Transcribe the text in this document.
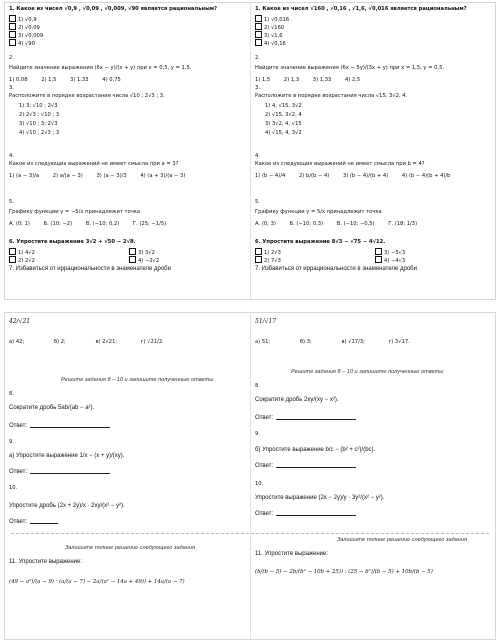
1. Какое из чисел √0,9 , √0,09 , √0,009, √90 является рациональным?
1) √0,9
2) √0,09
3) √0,009
4) √90
2.
Найдите значение выражения (6x − y)/(x + y) при x = 0,5, y = 1,5.
1) 0,08	2) 1,5	3) 1,33	4) 0,75
3.
Расположите в порядке возрастания числа √10 ; 2√3 ; 3.
1) 3; √10 ; 2√3
2) 2√3 ; √10 ; 3
3) √10 ; 3; 2√3
4) √10 ; 2√3 ; 3
4.
Какое из следующих выражений не имеет смысла при a = 3?
1) (a − 3)/a	2) a/(a − 3)	3) (a − 3)/3	4) (a + 3)/(a − 3)
5.
Графику функции y = −5/x принадлежит точка
А. (0; 1)	Б. (10; −2)	В. (−10; 0,2)	Г. (25; −1/5)
6. Упростите выражение 3√2 + √50 − 2√8.
1) 4√2
2) 2√2
3) 3√2
4) −2√2
7. Избавиться от иррациональности в знаменателе дроби
1. Какое из чисел √160 , √0,16 , √1,6, √0,016 является рациональным?
1) √0,016
2) √160
3) √1,6
4) √0,16
2.
Найдите значение выражения (6x − 5y)/(3x + y) при x = 1,5, y = 0,5.
1) 1,5	2) 1,3	3) 1,33	4) 2,5
3.
Расположите в порядке возрастания числа √15, 3√2, 4.
1) 4, √15, 3√2
2) √15, 3√2, 4
3) 3√2, 4, √15
4) √15, 4, 3√2
4.
Какое из следующих выражений не имеет смысла при b = 4?
1) (b − 4)/4	2) b/(b − 4)	3) (b − 4)/(b + 4)	4) (b − 4)(b + 4)/b
5.
Графику функции y = 5/x принадлежит точка
А. (0; 3)	Б. (−10; 0,3)	В. (−10; −0,5)	Г. (18; 1/3)
6. Упростите выражение 8√3 − √75 − 4√12.
1) 2√3
2) 7√3
3) −5√3
4) −4√3
7. Избавиться от иррациональности в знаменателе дроби
42/√21
а) 42;	б) 2;	в) 2√21;	г) √21/2.
Решите задания 8 – 10 и запишите полученные ответы
8.
Сократите дробь 5ab/(ab − a²).
Ответ:
9.
а) Упростите выражение 1/x − (x + y)/(xy).
Ответ:
10.
Упростите дробь (2x + 2y)/x · 2xy/(x² − y²).
Ответ:
Запишите полное решение следующего задания
11. Упростите выражение:
(49 − a²)/(a − 9) · (a/(a − 7) − 2a/(a² − 14a + 49)) + 14a/(a − 7)
51/√17
а) 51;	б) 3;	в) √17/3;	г) 3√17.
Решите задания 8 – 10 и запишите полученные ответы
8.
Сократите дробь 2xy/(xy − x²).
Ответ:
9.
б) Упростите выражение b/c − (b² + c²)/(bc).
Ответ:
10.
Упростите выражение (2x − 2y)/y · 3y²/(x² − y²).
Ответ:
Запишите полное решение следующего задания
11. Упростите выражение:
(b/(b − 5) − 2b/(b² − 10b + 25)) : (25 − b²)/(b − 5) + 10b/(b − 5)
